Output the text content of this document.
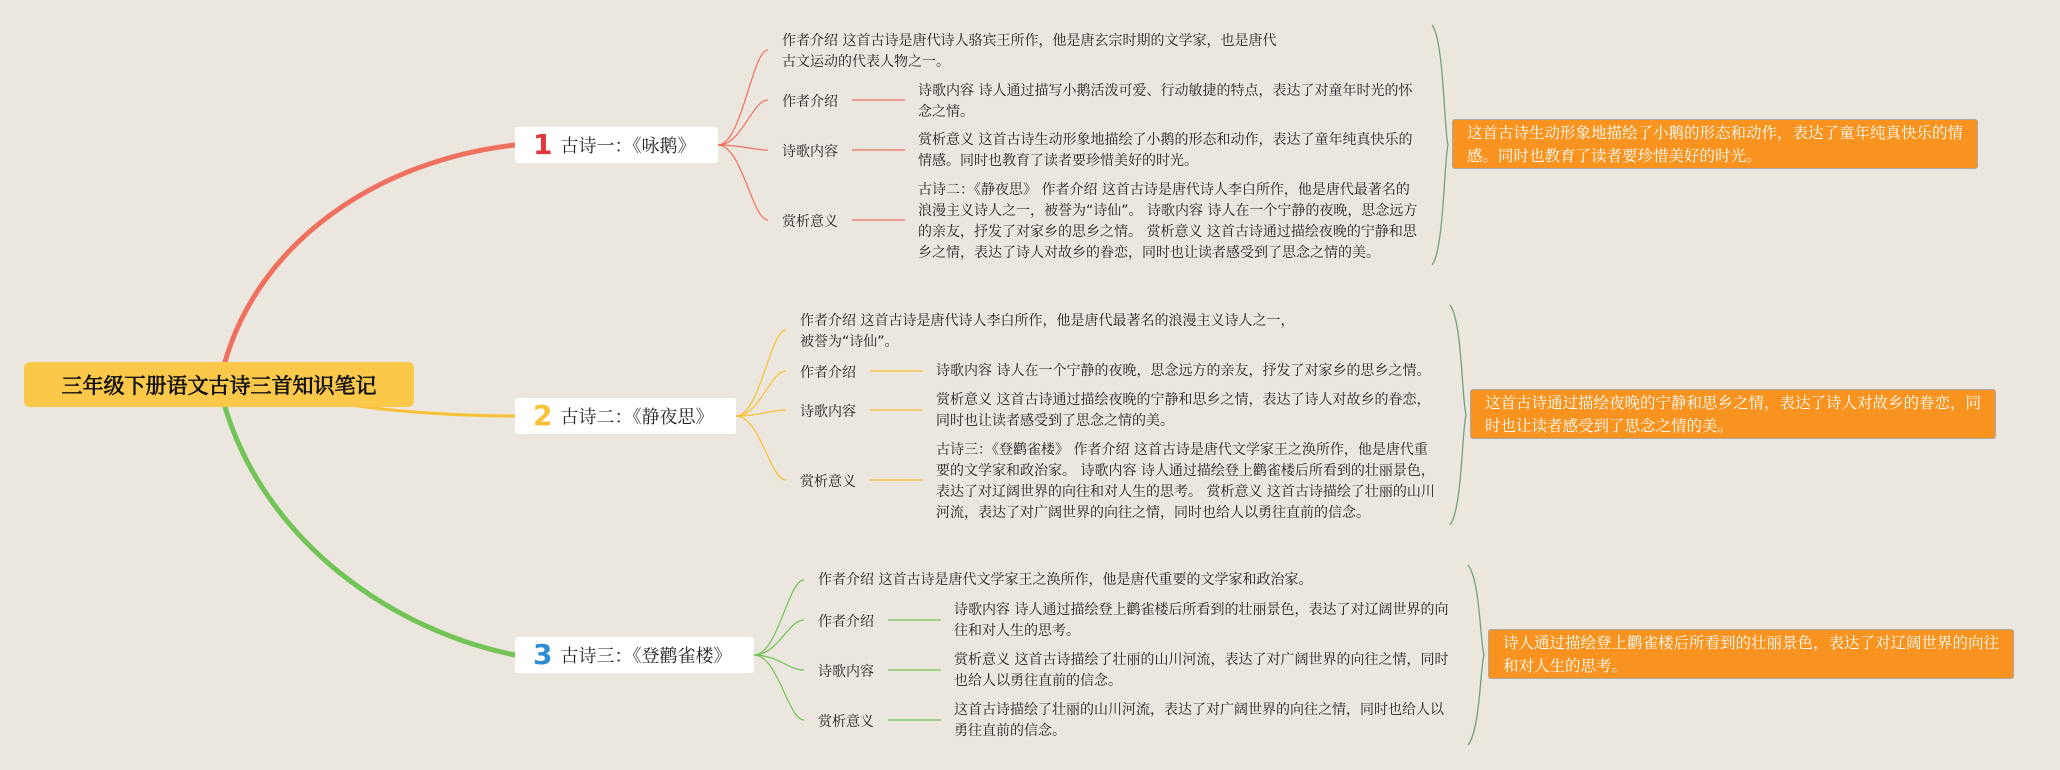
三年级下册语文古诗三首知识笔记
1 古诗一：《咏鹅》
作者介绍 这首古诗是唐代诗人骆宾王所作，他是唐玄宗时期的文学家，也是唐代古文运动的代表人物之一。
作者介绍
诗歌内容
赏析意义
诗歌内容 诗人通过描写小鹅活泼可爱、行动敏捷的特点，表达了对童年时光的怀念之情。
赏析意义 这首古诗生动形象地描绘了小鹅的形态和动作，表达了童年纯真快乐的情感。同时也教育了读者要珍惜美好的时光。
古诗二：《静夜思》 作者介绍 这首古诗是唐代诗人李白所作，他是唐代最著名的浪漫主义诗人之一，被誉为“诗仙”。 诗歌内容 诗人在一个宁静的夜晚，思念远方的亲友，抒发了对家乡的思乡之情。 赏析意义 这首古诗通过描绘夜晚的宁静和思乡之情，表达了诗人对故乡的眷恋，同时也让读者感受到了思念之情的美。
这首古诗生动形象地描绘了小鹅的形态和动作，表达了童年纯真快乐的情感。同时也教育了读者要珍惜美好的时光。
2 古诗二：《静夜思》
作者介绍 这首古诗是唐代诗人李白所作，他是唐代最著名的浪漫主义诗人之一，被誉为“诗仙”。
作者介绍
诗歌内容
赏析意义
诗歌内容 诗人在一个宁静的夜晚，思念远方的亲友，抒发了对家乡的思乡之情。
赏析意义 这首古诗通过描绘夜晚的宁静和思乡之情，表达了诗人对故乡的眷恋，同时也让读者感受到了思念之情的美。
古诗三：《登鹳雀楼》 作者介绍 这首古诗是唐代文学家王之涣所作，他是唐代重要的文学家和政治家。 诗歌内容 诗人通过描绘登上鹳雀楼后所看到的壮丽景色，表达了对辽阔世界的向往和对人生的思考。 赏析意义 这首古诗描绘了壮丽的山川河流，表达了对广阔世界的向往之情，同时也给人以勇往直前的信念。
这首古诗通过描绘夜晚的宁静和思乡之情，表达了诗人对故乡的眷恋，同时也让读者感受到了思念之情的美。
3 古诗三：《登鹳雀楼》
作者介绍 这首古诗是唐代文学家王之涣所作，他是唐代重要的文学家和政治家。
作者介绍
诗歌内容
赏析意义
诗歌内容 诗人通过描绘登上鹳雀楼后所看到的壮丽景色，表达了对辽阔世界的向往和对人生的思考。
赏析意义 这首古诗描绘了壮丽的山川河流，表达了对广阔世界的向往之情，同时也给人以勇往直前的信念。
这首古诗描绘了壮丽的山川河流，表达了对广阔世界的向往之情，同时也给人以勇往直前的信念。
诗人通过描绘登上鹳雀楼后所看到的壮丽景色，表达了对辽阔世界的向往和对人生的思考。
